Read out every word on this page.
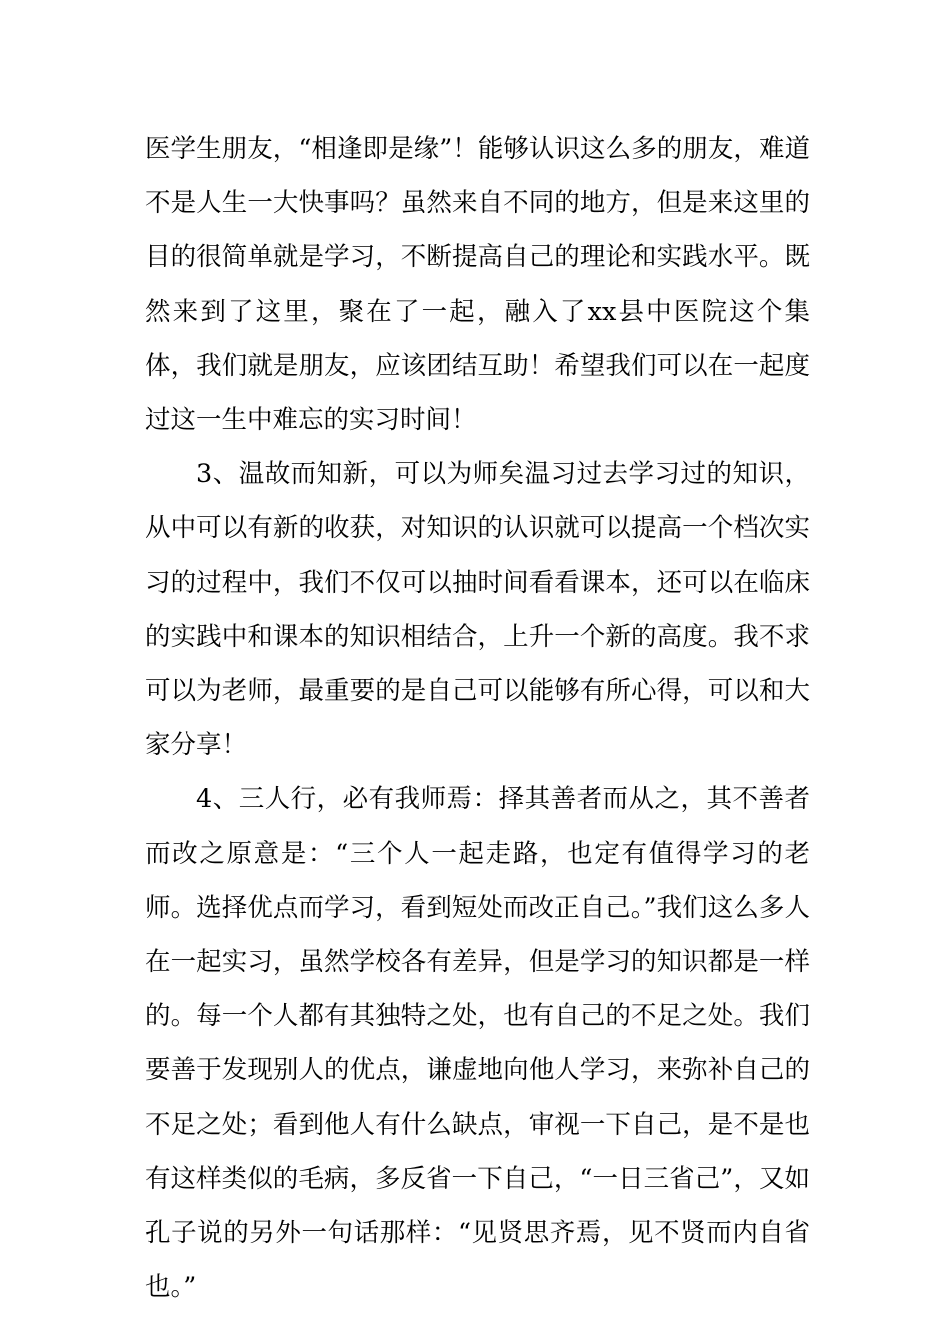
医学生朋友，“相逢即是缘”！能够认识这么多的朋友，难道不是人生一大快事吗？虽然来自不同的地方，但是来这里的目的很简单就是学习，不断提高自己的理论和实践水平。既然来到了这里，聚在了一起，融入了xx县中医院这个集体，我们就是朋友，应该团结互助！希望我们可以在一起度过这一生中难忘的实习时间！

3、温故而知新，可以为师矣温习过去学习过的知识，从中可以有新的收获，对知识的认识就可以提高一个档次实习的过程中，我们不仅可以抽时间看看课本，还可以在临床的实践中和课本的知识相结合，上升一个新的高度。我不求可以为老师，最重要的是自己可以能够有所心得，可以和大家分享！

4、三人行，必有我师焉：择其善者而从之，其不善者而改之原意是：“三个人一起走路，也定有值得学习的老师。选择优点而学习，看到短处而改正自己。”我们这么多人在一起实习，虽然学校各有差异，但是学习的知识都是一样的。每一个人都有其独特之处，也有自己的不足之处。我们要善于发现别人的优点，谦虚地向他人学习，来弥补自己的不足之处；看到他人有什么缺点，审视一下自己，是不是也有这样类似的毛病，多反省一下自己，“一日三省己”，又如孔子说的另外一句话那样：“见贤思齐焉，见不贤而内自省也。”
